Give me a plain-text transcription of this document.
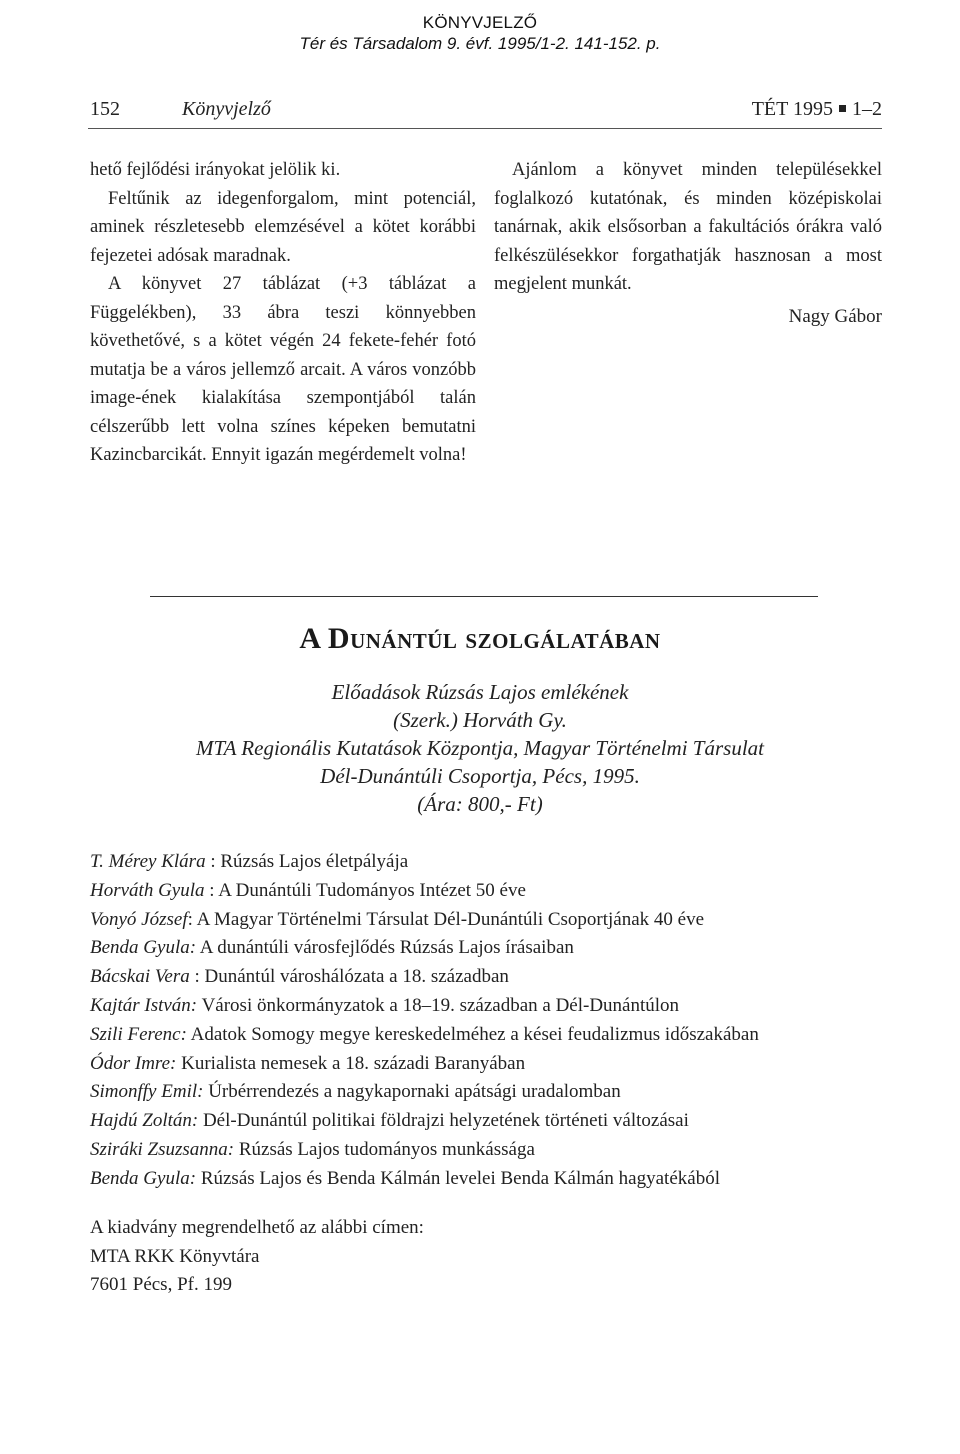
KÖNYVJELZŐ
Tér és Társadalom 9. évf. 1995/1-2. 141-152. p.
152	Könyvjelző	TÉT 1995 1–2

hető fejlődési irányokat jelölik ki.

Feltűnik az idegenforgalom, mint potenciál, aminek részletesebb elemzésével a kötet korábbi fejezetei adósak maradnak.

A könyvet 27 táblázat (+3 táblázat a Függelékben), 33 ábra teszi könnyebben követhetővé, s a kötet végén 24 fekete-fehér fotó mutatja be a város jellemző arcait. A város vonzóbb image-ének kialakítása szempontjából talán célszerűbb lett volna színes képeken bemutatni Kazincbarcikát. Ennyit igazán megérdemelt volna!

Ajánlom a könyvet minden településekkel foglalkozó kutatónak, és minden középiskolai tanárnak, akik elsősorban a fakultációs órákra való felkészülésekkor forgathatják hasznosan a most megjelent munkát.

Nagy Gábor

A Dunántúl szolgálatában
Előadások Rúzsás Lajos emlékének
(Szerk.) Horváth Gy.
MTA Regionális Kutatások Központja, Magyar Történelmi Társulat
Dél-Dunántúli Csoportja, Pécs, 1995.
(Ára: 800,- Ft)
T. Mérey Klára : Rúzsás Lajos életpályája
Horváth Gyula : A Dunántúli Tudományos Intézet 50 éve
Vonyó József: A Magyar Történelmi Társulat Dél-Dunántúli Csoportjának 40 éve
Benda Gyula: A dunántúli városfejlődés Rúzsás Lajos írásaiban
Bácskai Vera : Dunántúl városhálózata a 18. században
Kajtár István: Városi önkormányzatok a 18–19. században a Dél-Dunántúlon
Szili Ferenc: Adatok Somogy megye kereskedelméhez a kései feudalizmus időszakában
Ódor Imre: Kurialista nemesek a 18. századi Baranyában
Simonffy Emil: Úrbérrendezés a nagykapornaki apátsági uradalomban
Hajdú Zoltán: Dél-Dunántúl politikai földrajzi helyzetének történeti változásai
Sziráki Zsuzsanna: Rúzsás Lajos tudományos munkássága
Benda Gyula: Rúzsás Lajos és Benda Kálmán levelei Benda Kálmán hagyatékából
A kiadvány megrendelhető az alábbi címen:
MTA RKK Könyvtára
7601 Pécs, Pf. 199
